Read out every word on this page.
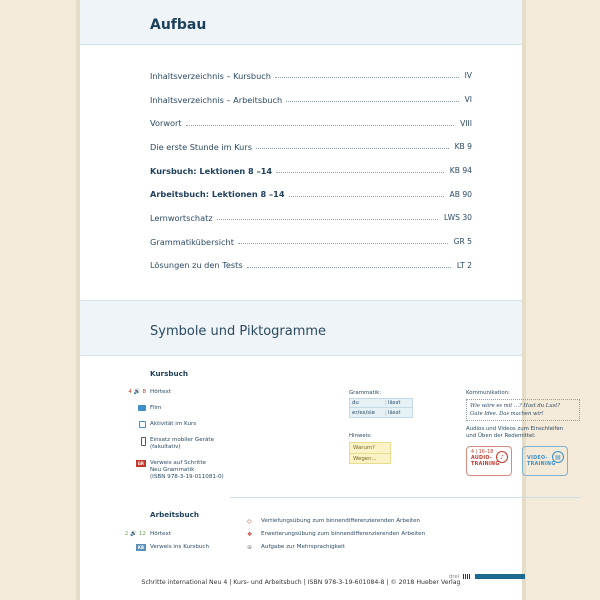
Aufbau
Inhaltsverzeichnis – Kursbuch	IV
Inhaltsverzeichnis – Arbeitsbuch	VI
Vorwort	VIII
Die erste Stunde im Kurs	KB 9
Kursbuch: Lektionen 8 –14	KB 94
Arbeitsbuch: Lektionen 8 –14	AB 90
Lernwortschatz	LWS 30
Grammatikübersicht	GR 5
Lösungen zu den Tests	LT 2
Symbole und Piktogramme
Kursbuch
4 🔊 8 Hörtext
Film
Aktivität im Kurs
Einsatz mobiler Geräte
(fakultativ)
GR	Verweis auf Schritte
Neu Grammatik
(ISBN 978-3-19-011081-0)
Grammatik:
du	lässt
er/es/sie	lässt
Hinweis:
Warum?
Wegen...
Kommunikation:
Wie wäre es mit ...? Hast du Lust?
Gute Idee. Das machen wir!
Audios und Videos zum Einschleifen
und Üben der Redemittel:
4 | 16–18
AUDIO-
TRAINING
♪	VIDEO-
TRAINING
▤
Arbeitsbuch
2 🔊 12 Hörtext
KB	Verweis ins Kursbuch
◇	Vertiefungsübung zum binnendifferenzierenden Arbeiten
❖	Erweiterungsübung zum binnendifferenzierenden Arbeiten
⊕	Aufgabe zur Mehrsprachigkeit
drei
Schritte international Neu 4 | Kurs- und Arbeitsbuch | ISBN 978-3-19-601084-8 | © 2018 Hueber Verlag
